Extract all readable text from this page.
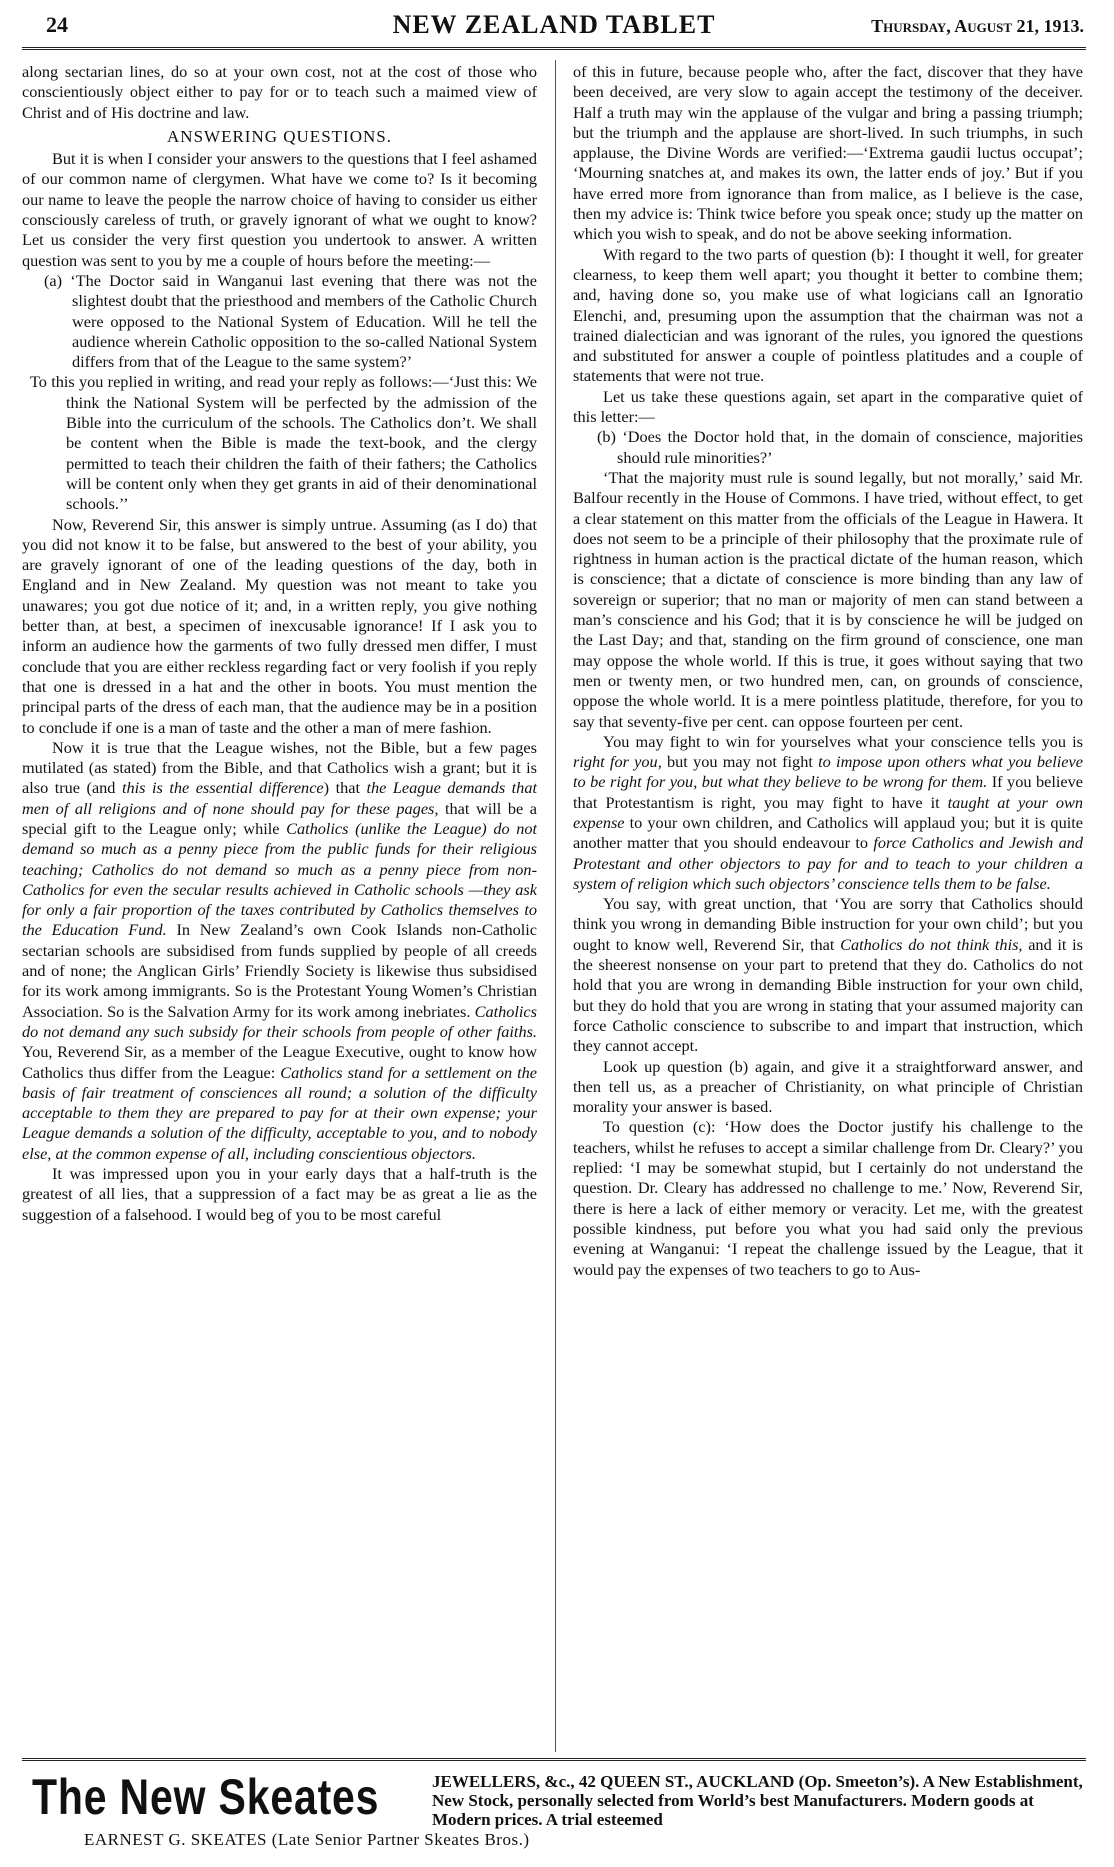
24	NEW ZEALAND TABLET	Thursday, August 21, 1913.

along sectarian lines, do so at your own cost, not at the cost of those who conscientiously object either to pay for or to teach such a maimed view of Christ and of His doctrine and law.

ANSWERING QUESTIONS.

But it is when I consider your answers to the questions that I feel ashamed of our common name of clergymen. What have we come to? Is it becoming our name to leave the people the narrow choice of having to consider us either consciously careless of truth, or gravely ignorant of what we ought to know? Let us consider the very first question you undertook to answer. A written question was sent to you by me a couple of hours before the meeting:—

(a) ‘The Doctor said in Wanganui last evening that there was not the slightest doubt that the priesthood and members of the Catholic Church were opposed to the National System of Education. Will he tell the audience wherein Catholic opposition to the so-called National System differs from that of the League to the same system?’

To this you replied in writing, and read your reply as follows:—‘Just this: We think the National System will be perfected by the admission of the Bible into the curriculum of the schools. The Catholics don’t. We shall be content when the Bible is made the text-book, and the clergy permitted to teach their children the faith of their fathers; the Catholics will be content only when they get grants in aid of their denominational schools.’’

Now, Reverend Sir, this answer is simply untrue. Assuming (as I do) that you did not know it to be false, but answered to the best of your ability, you are gravely ignorant of one of the leading questions of the day, both in England and in New Zealand. My question was not meant to take you unawares; you got due notice of it; and, in a written reply, you give nothing better than, at best, a specimen of inexcusable ignorance! If I ask you to inform an audience how the garments of two fully dressed men differ, I must conclude that you are either reckless regarding fact or very foolish if you reply that one is dressed in a hat and the other in boots. You must mention the principal parts of the dress of each man, that the audience may be in a position to conclude if one is a man of taste and the other a man of mere fashion.

Now it is true that the League wishes, not the Bible, but a few pages mutilated (as stated) from the Bible, and that Catholics wish a grant; but it is also true (and this is the essential difference) that the League demands that men of all religions and of none should pay for these pages, that will be a special gift to the League only; while Catholics (unlike the League) do not demand so much as a penny piece from the public funds for their religious teaching; Catholics do not demand so much as a penny piece from non-Catholics for even the secular results achieved in Catholic schools —they ask for only a fair proportion of the taxes contributed by Catholics themselves to the Education Fund. In New Zealand’s own Cook Islands non-Catholic sectarian schools are subsidised from funds supplied by people of all creeds and of none; the Anglican Girls’ Friendly Society is likewise thus subsidised for its work among immigrants. So is the Protestant Young Women’s Christian Association. So is the Salvation Army for its work among inebriates. Catholics do not demand any such subsidy for their schools from people of other faiths. You, Reverend Sir, as a member of the League Executive, ought to know how Catholics thus differ from the League: Catholics stand for a settlement on the basis of fair treatment of consciences all round; a solution of the difficulty acceptable to them they are prepared to pay for at their own expense; your League demands a solution of the difficulty, acceptable to you, and to nobody else, at the common expense of all, including conscientious objectors.

It was impressed upon you in your early days that a half-truth is the greatest of all lies, that a suppression of a fact may be as great a lie as the suggestion of a falsehood. I would beg of you to be most careful

of this in future, because people who, after the fact, discover that they have been deceived, are very slow to again accept the testimony of the deceiver. Half a truth may win the applause of the vulgar and bring a passing triumph; but the triumph and the applause are short-lived. In such triumphs, in such applause, the Divine Words are verified:—‘Extrema gaudii luctus occupat’; ‘Mourning snatches at, and makes its own, the latter ends of joy.’ But if you have erred more from ignorance than from malice, as I believe is the case, then my advice is: Think twice before you speak once; study up the matter on which you wish to speak, and do not be above seeking information.

With regard to the two parts of question (b): I thought it well, for greater clearness, to keep them well apart; you thought it better to combine them; and, having done so, you make use of what logicians call an Ignoratio Elenchi, and, presuming upon the assumption that the chairman was not a trained dialectician and was ignorant of the rules, you ignored the questions and substituted for answer a couple of pointless platitudes and a couple of statements that were not true.

Let us take these questions again, set apart in the comparative quiet of this letter:—

(b) ‘Does the Doctor hold that, in the domain of conscience, majorities should rule minorities?’

‘That the majority must rule is sound legally, but not morally,’ said Mr. Balfour recently in the House of Commons. I have tried, without effect, to get a clear statement on this matter from the officials of the League in Hawera. It does not seem to be a principle of their philosophy that the proximate rule of rightness in human action is the practical dictate of the human reason, which is conscience; that a dictate of conscience is more binding than any law of sovereign or superior; that no man or majority of men can stand between a man’s conscience and his God; that it is by conscience he will be judged on the Last Day; and that, standing on the firm ground of conscience, one man may oppose the whole world. If this is true, it goes without saying that two men or twenty men, or two hundred men, can, on grounds of conscience, oppose the whole world. It is a mere pointless platitude, therefore, for you to say that seventy-five per cent. can oppose fourteen per cent.

You may fight to win for yourselves what your conscience tells you is right for you, but you may not fight to impose upon others what you believe to be right for you, but what they believe to be wrong for them. If you believe that Protestantism is right, you may fight to have it taught at your own expense to your own children, and Catholics will applaud you; but it is quite another matter that you should endeavour to force Catholics and Jewish and Protestant and other objectors to pay for and to teach to your children a system of religion which such objectors’ conscience tells them to be false.

You say, with great unction, that ‘You are sorry that Catholics should think you wrong in demanding Bible instruction for your own child’; but you ought to know well, Reverend Sir, that Catholics do not think this, and it is the sheerest nonsense on your part to pretend that they do. Catholics do not hold that you are wrong in demanding Bible instruction for your own child, but they do hold that you are wrong in stating that your assumed majority can force Catholic conscience to subscribe to and impart that instruction, which they cannot accept.

Look up question (b) again, and give it a straightforward answer, and then tell us, as a preacher of Christianity, on what principle of Christian morality your answer is based.

To question (c): ‘How does the Doctor justify his challenge to the teachers, whilst he refuses to accept a similar challenge from Dr. Cleary?’ you replied: ‘I may be somewhat stupid, but I certainly do not understand the question. Dr. Cleary has addressed no challenge to me.’ Now, Reverend Sir, there is here a lack of either memory or veracity. Let me, with the greatest possible kindness, put before you what you had said only the previous evening at Wanganui: ‘I repeat the challenge issued by the League, that it would pay the expenses of two teachers to go to Aus-

The New Skeates	JEWELLERS, &c., 42 QUEEN ST., AUCKLAND (Op. Smeeton’s). A New Establishment, New Stock, personally selected from World’s best Manufacturers. Modern goods at Modern prices. A trial esteemed
EARNEST G. SKEATES (Late Senior Partner Skeates Bros.)
